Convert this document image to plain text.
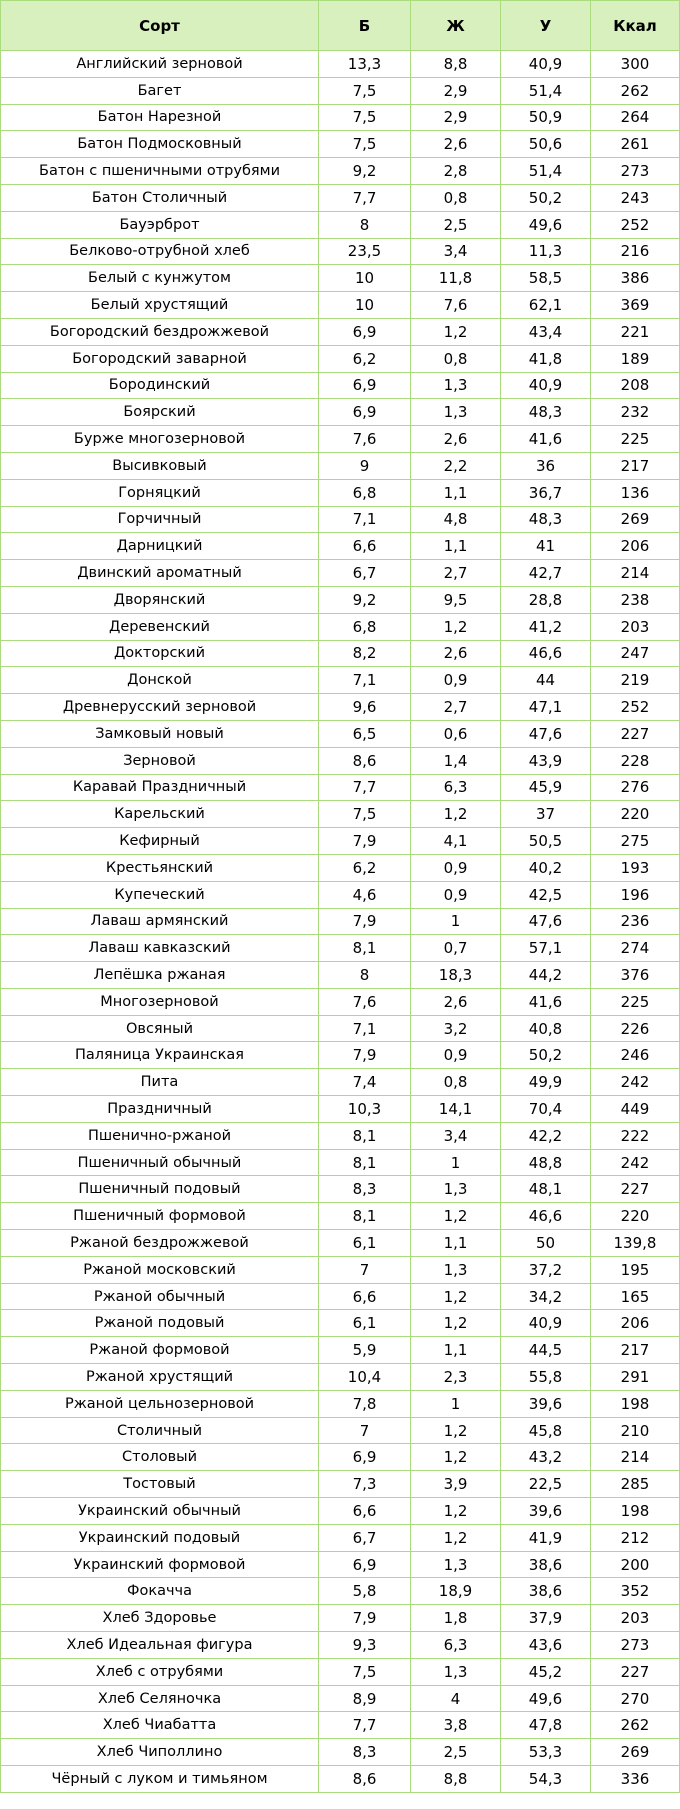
Сорт	Б	Ж	У	Ккал
Английский зерновой	13,3	8,8	40,9	300
Багет	7,5	2,9	51,4	262
Батон Нарезной	7,5	2,9	50,9	264
Батон Подмосковный	7,5	2,6	50,6	261
Батон с пшеничными отрубями	9,2	2,8	51,4	273
Батон Столичный	7,7	0,8	50,2	243
Бауэрброт	8	2,5	49,6	252
Белково-отрубной хлеб	23,5	3,4	11,3	216
Белый с кунжутом	10	11,8	58,5	386
Белый хрустящий	10	7,6	62,1	369
Богородский бездрожжевой	6,9	1,2	43,4	221
Богородский заварной	6,2	0,8	41,8	189
Бородинский	6,9	1,3	40,9	208
Боярский	6,9	1,3	48,3	232
Бурже многозерновой	7,6	2,6	41,6	225
Высивковый	9	2,2	36	217
Горняцкий	6,8	1,1	36,7	136
Горчичный	7,1	4,8	48,3	269
Дарницкий	6,6	1,1	41	206
Двинский ароматный	6,7	2,7	42,7	214
Дворянский	9,2	9,5	28,8	238
Деревенский	6,8	1,2	41,2	203
Докторский	8,2	2,6	46,6	247
Донской	7,1	0,9	44	219
Древнерусский зерновой	9,6	2,7	47,1	252
Замковый новый	6,5	0,6	47,6	227
Зерновой	8,6	1,4	43,9	228
Каравай Праздничный	7,7	6,3	45,9	276
Карельский	7,5	1,2	37	220
Кефирный	7,9	4,1	50,5	275
Крестьянский	6,2	0,9	40,2	193
Купеческий	4,6	0,9	42,5	196
Лаваш армянский	7,9	1	47,6	236
Лаваш кавказский	8,1	0,7	57,1	274
Лепёшка ржаная	8	18,3	44,2	376
Многозерновой	7,6	2,6	41,6	225
Овсяный	7,1	3,2	40,8	226
Паляница Украинская	7,9	0,9	50,2	246
Пита	7,4	0,8	49,9	242
Праздничный	10,3	14,1	70,4	449
Пшенично-ржаной	8,1	3,4	42,2	222
Пшеничный обычный	8,1	1	48,8	242
Пшеничный подовый	8,3	1,3	48,1	227
Пшеничный формовой	8,1	1,2	46,6	220
Ржаной бездрожжевой	6,1	1,1	50	139,8
Ржаной московский	7	1,3	37,2	195
Ржаной обычный	6,6	1,2	34,2	165
Ржаной подовый	6,1	1,2	40,9	206
Ржаной формовой	5,9	1,1	44,5	217
Ржаной хрустящий	10,4	2,3	55,8	291
Ржаной цельнозерновой	7,8	1	39,6	198
Столичный	7	1,2	45,8	210
Столовый	6,9	1,2	43,2	214
Тостовый	7,3	3,9	22,5	285
Украинский обычный	6,6	1,2	39,6	198
Украинский подовый	6,7	1,2	41,9	212
Украинский формовой	6,9	1,3	38,6	200
Фокачча	5,8	18,9	38,6	352
Хлеб Здоровье	7,9	1,8	37,9	203
Хлеб Идеальная фигура	9,3	6,3	43,6	273
Хлеб с отрубями	7,5	1,3	45,2	227
Хлеб Селяночка	8,9	4	49,6	270
Хлеб Чиабатта	7,7	3,8	47,8	262
Хлеб Чиполлино	8,3	2,5	53,3	269
Чёрный с луком и тимьяном	8,6	8,8	54,3	336
